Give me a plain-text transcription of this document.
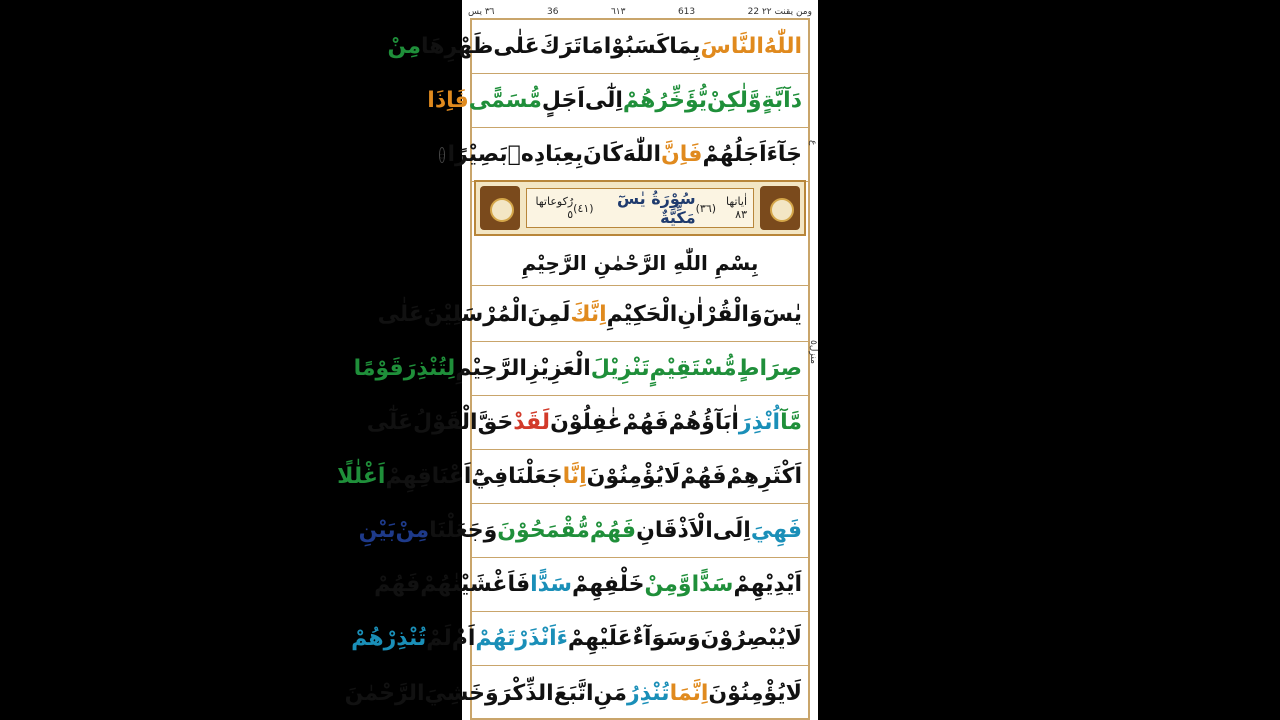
٣٦ يس	36	٦١٣	613	22 ومن يقنت ٢٢
اللّٰهُ
النَّاسَ
بِمَا
كَسَبُوْا
مَا
تَرَكَ
عَلٰى
ظَهْرِهَا
مِنْ
دَآبَّةٍ
وَّلٰكِنْ
يُّؤَخِّرُهُمْ
اِلٰٓى
اَجَلٍ
مُّسَمًّى
فَاِذَا
جَآءَ
اَجَلُهُمْ
فَاِنَّ
اللّٰهَ
كَانَ
بِعِبَادِهٖ
بَصِيْرًا
۝
اٰياتها ٨٣
(٣٦)
سُوْرَةُ يٰسٓ مَكِّيَّةٌ
(٤١)
رُكوعاتها ٥
بِسْمِ اللّٰهِ الرَّحْمٰنِ الرَّحِيْمِ
يٰسٓ
وَالْقُرْاٰنِ
الْحَكِيْمِ
اِنَّكَ
لَمِنَ
الْمُرْسَلِيْنَ
عَلٰى
صِرَاطٍ
مُّسْتَقِيْمٍ
تَنْزِيْلَ
الْعَزِيْزِ
الرَّحِيْمِ
لِتُنْذِرَ
قَوْمًا
مَّآ
اُنْذِرَ
اٰبَآؤُهُمْ
فَهُمْ
غٰفِلُوْنَ
لَقَدْ
حَقَّ
الْقَوْلُ
عَلٰٓى
اَكْثَرِهِمْ
فَهُمْ
لَا
يُؤْمِنُوْنَ
اِنَّا
جَعَلْنَا
فِيْٓ
اَعْنَاقِهِمْ
اَغْلٰلًا
فَهِيَ
اِلَى
الْاَذْقَانِ
فَهُمْ
مُّقْمَحُوْنَ
وَجَعَلْنَا
مِنْ
بَيْنِ
اَيْدِيْهِمْ
سَدًّا
وَّمِنْ
خَلْفِهِمْ
سَدًّا
فَاَغْشَيْنٰهُمْ
فَهُمْ
لَا
يُبْصِرُوْنَ
وَسَوَآءٌ
عَلَيْهِمْ
ءَاَنْذَرْتَهُمْ
اَمْ
لَمْ
تُنْذِرْهُمْ
لَا
يُؤْمِنُوْنَ
اِنَّمَا
تُنْذِرُ
مَنِ
اتَّبَعَ
الذِّكْرَ
وَخَشِيَ
الرَّحْمٰنَ
ع
منزل٥
